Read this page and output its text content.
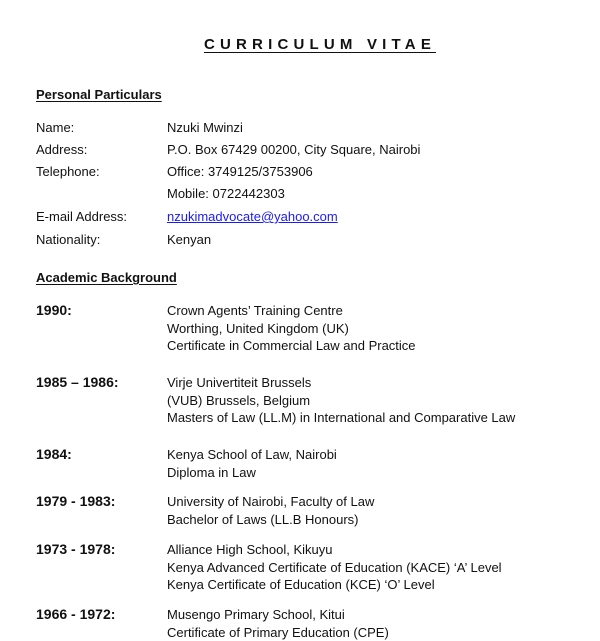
CURRICULUM VITAE
Personal Particulars
Name:	Nzuki Mwinzi
Address:	P.O. Box 67429 00200, City Square, Nairobi
Telephone:	Office: 3749125/3753906
Mobile: 0722442303
E-mail Address:	nzukimadvocate@yahoo.com
Nationality:	Kenyan
Academic Background
1990:	Crown Agents’ Training Centre
Worthing, United Kingdom (UK)
Certificate in Commercial Law and Practice
1985 – 1986:	Virje Univertiteit Brussels
(VUB) Brussels, Belgium
Masters of Law (LL.M) in International and Comparative Law
1984:	Kenya School of Law, Nairobi
Diploma in Law
1979 - 1983:	University of Nairobi, Faculty of Law
Bachelor of Laws (LL.B Honours)
1973 - 1978:	Alliance High School, Kikuyu
Kenya Advanced Certificate of Education (KACE) ‘A’ Level
Kenya Certificate of Education (KCE) ‘O’ Level
1966 - 1972:	Musengo Primary School, Kitui
Certificate of Primary Education (CPE)
